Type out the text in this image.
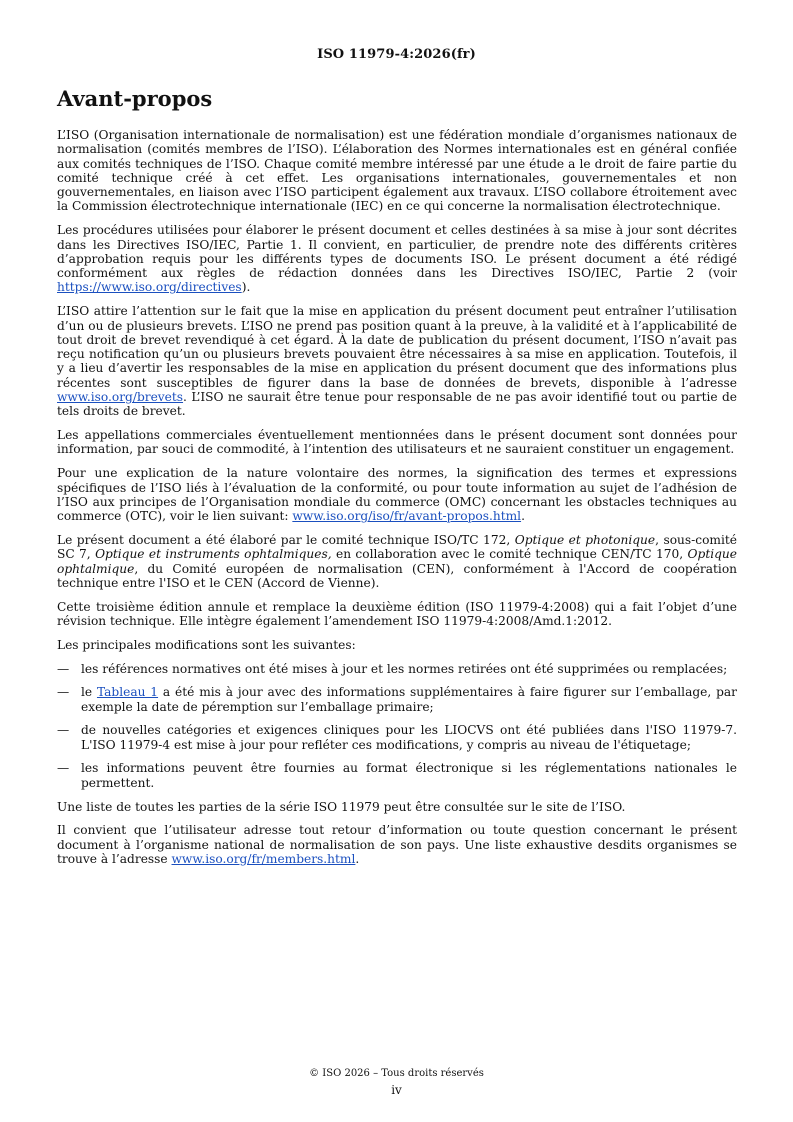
ISO 11979-4:2026(fr)
Avant-propos

L’ISO (Organisation internationale de normalisation) est une fédération mondiale d’organismes nationaux de normalisation (comités membres de l’ISO). L’élaboration des Normes internationales est en général confiée aux comités techniques de l’ISO. Chaque comité membre intéressé par une étude a le droit de faire partie du comité technique créé à cet effet. Les organisations internationales, gouvernementales et non gouvernementales, en liaison avec l’ISO participent également aux travaux. L’ISO collabore étroitement avec la Commission électrotechnique internationale (IEC) en ce qui concerne la normalisation électrotechnique.

Les procédures utilisées pour élaborer le présent document et celles destinées à sa mise à jour sont décrites dans les Directives ISO/IEC, Partie 1. Il convient, en particulier, de prendre note des différents critères d’approbation requis pour les différents types de documents ISO. Le présent document a été rédigé conformément aux règles de rédaction données dans les Directives ISO/IEC, Partie 2 (voir https://www.iso.org/directives).

L’ISO attire l’attention sur le fait que la mise en application du présent document peut entraîner l’utilisation d’un ou de plusieurs brevets. L’ISO ne prend pas position quant à la preuve, à la validité et à l’applicabilité de tout droit de brevet revendiqué à cet égard. À la date de publication du présent document, l’ISO n’avait pas reçu notification qu’un ou plusieurs brevets pouvaient être nécessaires à sa mise en application. Toutefois, il y a lieu d’avertir les responsables de la mise en application du présent document que des informations plus récentes sont susceptibles de figurer dans la base de données de brevets, disponible à l’adresse www.iso.org/brevets. L’ISO ne saurait être tenue pour responsable de ne pas avoir identifié tout ou partie de tels droits de brevet.

Les appellations commerciales éventuellement mentionnées dans le présent document sont données pour information, par souci de commodité, à l’intention des utilisateurs et ne sauraient constituer un engagement.

Pour une explication de la nature volontaire des normes, la signification des termes et expressions spécifiques de l’ISO liés à l’évaluation de la conformité, ou pour toute information au sujet de l’adhésion de l’ISO aux principes de l’Organisation mondiale du commerce (OMC) concernant les obstacles techniques au commerce (OTC), voir le lien suivant: www.iso.org/iso/fr/avant-propos.html.

Le présent document a été élaboré par le comité technique ISO/TC 172, Optique et photonique, sous-comité SC 7, Optique et instruments ophtalmiques, en collaboration avec le comité technique CEN/TC 170, Optique ophtalmique, du Comité européen de normalisation (CEN), conformément à l'Accord de coopération technique entre l'ISO et le CEN (Accord de Vienne).

Cette troisième édition annule et remplace la deuxième édition (ISO 11979-4:2008) qui a fait l’objet d’une révision technique. Elle intègre également l’amendement ISO 11979-4:2008/Amd.1:2012.

Les principales modifications sont les suivantes:

— les références normatives ont été mises à jour et les normes retirées ont été supprimées ou remplacées;
— le Tableau 1 a été mis à jour avec des informations supplémentaires à faire figurer sur l’emballage, par exemple la date de péremption sur l’emballage primaire;
— de nouvelles catégories et exigences cliniques pour les LIOCVS ont été publiées dans l'ISO 11979-7. L'ISO 11979-4 est mise à jour pour refléter ces modifications, y compris au niveau de l'étiquetage;
— les informations peuvent être fournies au format électronique si les réglementations nationales le permettent.

Une liste de toutes les parties de la série ISO 11979 peut être consultée sur le site de l’ISO.

Il convient que l’utilisateur adresse tout retour d’information ou toute question concernant le présent document à l’organisme national de normalisation de son pays. Une liste exhaustive desdits organismes se trouve à l’adresse www.iso.org/fr/members.html.

© ISO 2026 – Tous droits réservés
iv
